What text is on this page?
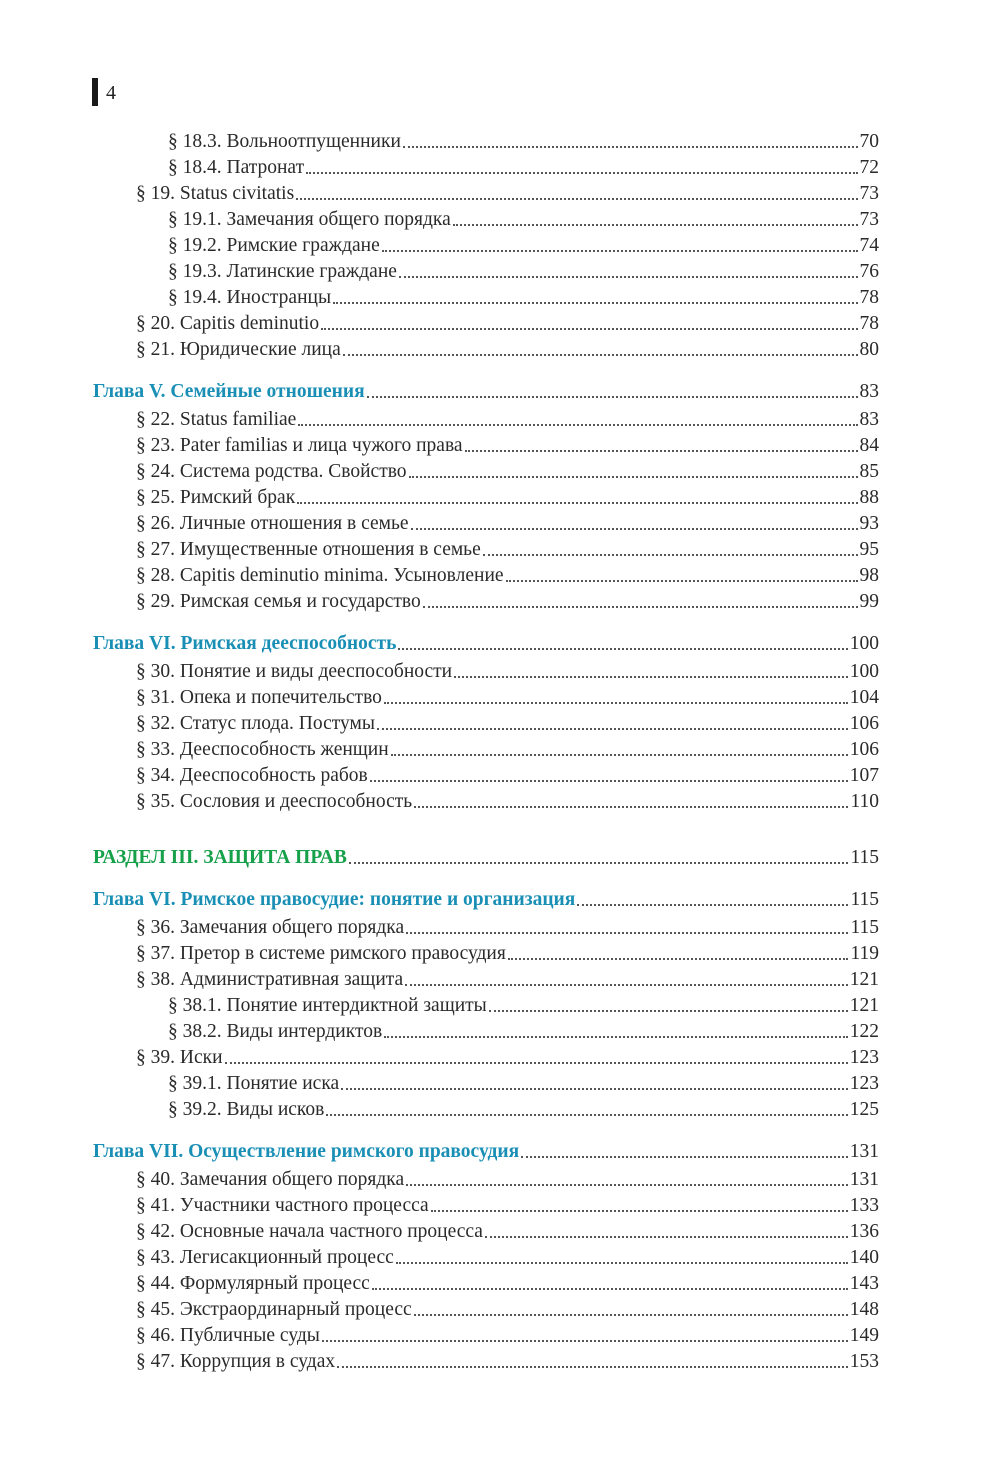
4
§ 18.3. Вольноотпущенники	70
§ 18.4. Патронат	72
§ 19. Status civitatis	73
§ 19.1. Замечания общего порядка	73
§ 19.2. Римские граждане	74
§ 19.3. Латинские граждане	76
§ 19.4. Иностранцы	78
§ 20. Capitis deminutio	78
§ 21. Юридические лица	80
Глава V. Семейные отношения	83
§ 22. Status familiae	83
§ 23. Pater familias и лица чужого права	84
§ 24. Система родства. Свойство	85
§ 25. Римский брак	88
§ 26. Личные отношения в семье	93
§ 27. Имущественные отношения в семье	95
§ 28. Capitis deminutio minima. Усыновление	98
§ 29. Римская семья и государство	99
Глава VI. Римская дееспособность	100
§ 30. Понятие и виды дееспособности	100
§ 31. Опека и попечительство	104
§ 32. Статус плода. Постумы	106
§ 33. Дееспособность женщин	106
§ 34. Дееспособность рабов	107
§ 35. Сословия и дееспособность	110
РАЗДЕЛ III. ЗАЩИТА ПРАВ	115
Глава VI. Римское правосудие: понятие и организация	115
§ 36. Замечания общего порядка	115
§ 37. Претор в системе римского правосудия	119
§ 38. Административная защита	121
§ 38.1. Понятие интердиктной защиты	121
§ 38.2. Виды интердиктов	122
§ 39. Иски	123
§ 39.1. Понятие иска	123
§ 39.2. Виды исков	125
Глава VII. Осуществление римского правосудия	131
§ 40. Замечания общего порядка	131
§ 41. Участники частного процесса	133
§ 42. Основные начала частного процесса	136
§ 43. Легисакционный процесс	140
§ 44. Формулярный процесс	143
§ 45. Экстраординарный процесс	148
§ 46. Публичные суды	149
§ 47. Коррупция в судах	153
